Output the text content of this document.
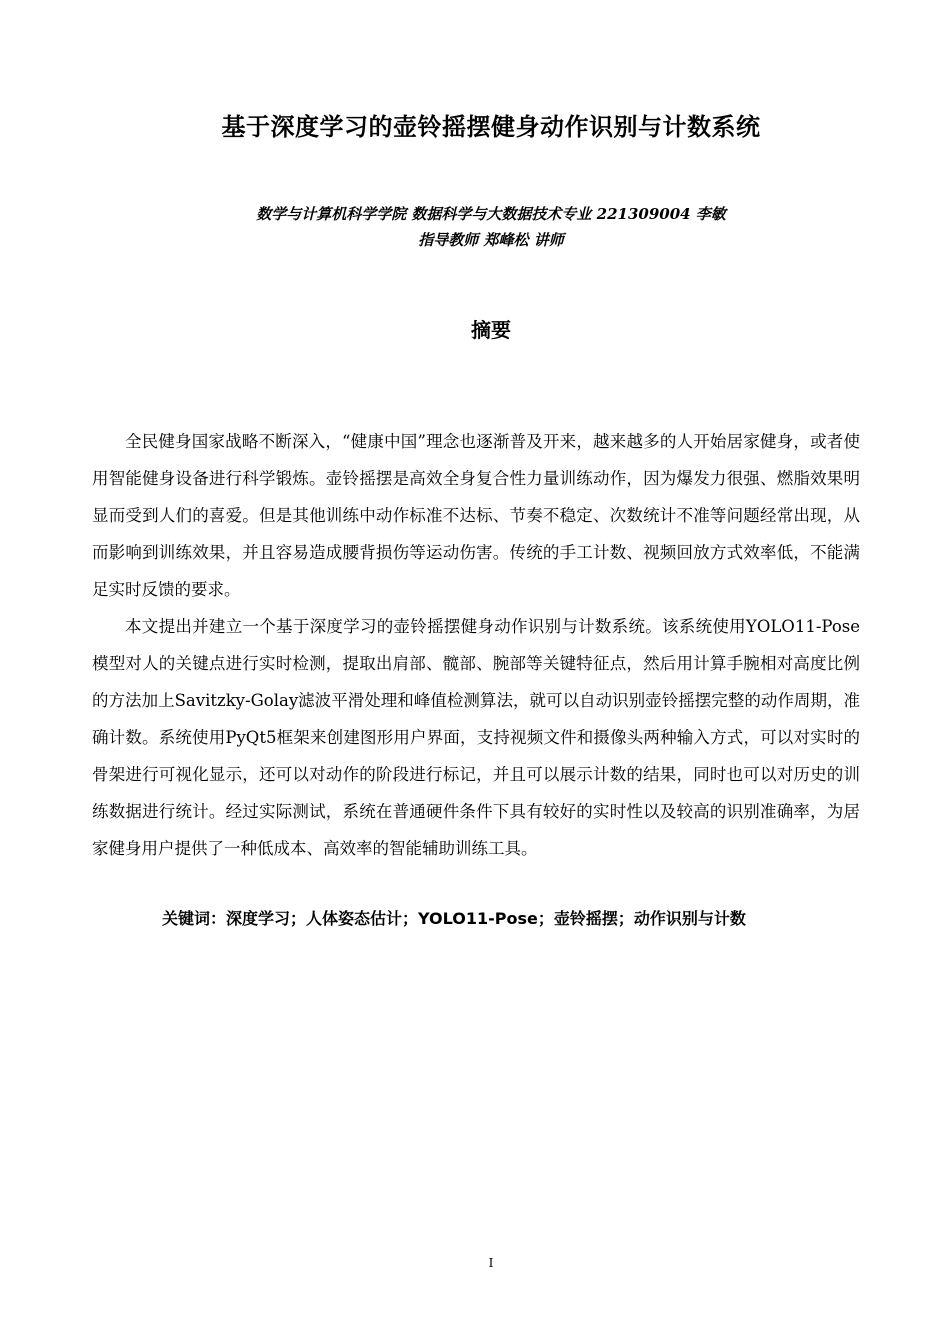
基于深度学习的壶铃摇摆健身动作识别与计数系统
数学与计算机科学学院 数据科学与大数据技术专业 221309004 李敏
指导教师 郑峰松 讲师
摘要

全民健身国家战略不断深入，“健康中国”理念也逐渐普及开来，越来越多的人开始居家健身，或者使用智能健身设备进行科学锻炼。壶铃摇摆是高效全身复合性力量训练动作，因为爆发力很强、燃脂效果明显而受到人们的喜爱。但是其他训练中动作标准不达标、节奏不稳定、次数统计不准等问题经常出现，从而影响到训练效果，并且容易造成腰背损伤等运动伤害。传统的手工计数、视频回放方式效率低，不能满足实时反馈的要求。

本文提出并建立一个基于深度学习的壶铃摇摆健身动作识别与计数系统。该系统使用YOLO11-Pose模型对人的关键点进行实时检测，提取出肩部、髋部、腕部等关键特征点，然后用计算手腕相对高度比例的方法加上Savitzky-Golay滤波平滑处理和峰值检测算法，就可以自动识别壶铃摇摆完整的动作周期，准确计数。系统使用PyQt5框架来创建图形用户界面，支持视频文件和摄像头两种输入方式，可以对实时的骨架进行可视化显示，还可以对动作的阶段进行标记，并且可以展示计数的结果，同时也可以对历史的训练数据进行统计。经过实际测试，系统在普通硬件条件下具有较好的实时性以及较高的识别准确率，为居家健身用户提供了一种低成本、高效率的智能辅助训练工具。

关键词：深度学习；人体姿态估计；YOLO11-Pose；壶铃摇摆；动作识别与计数
I
